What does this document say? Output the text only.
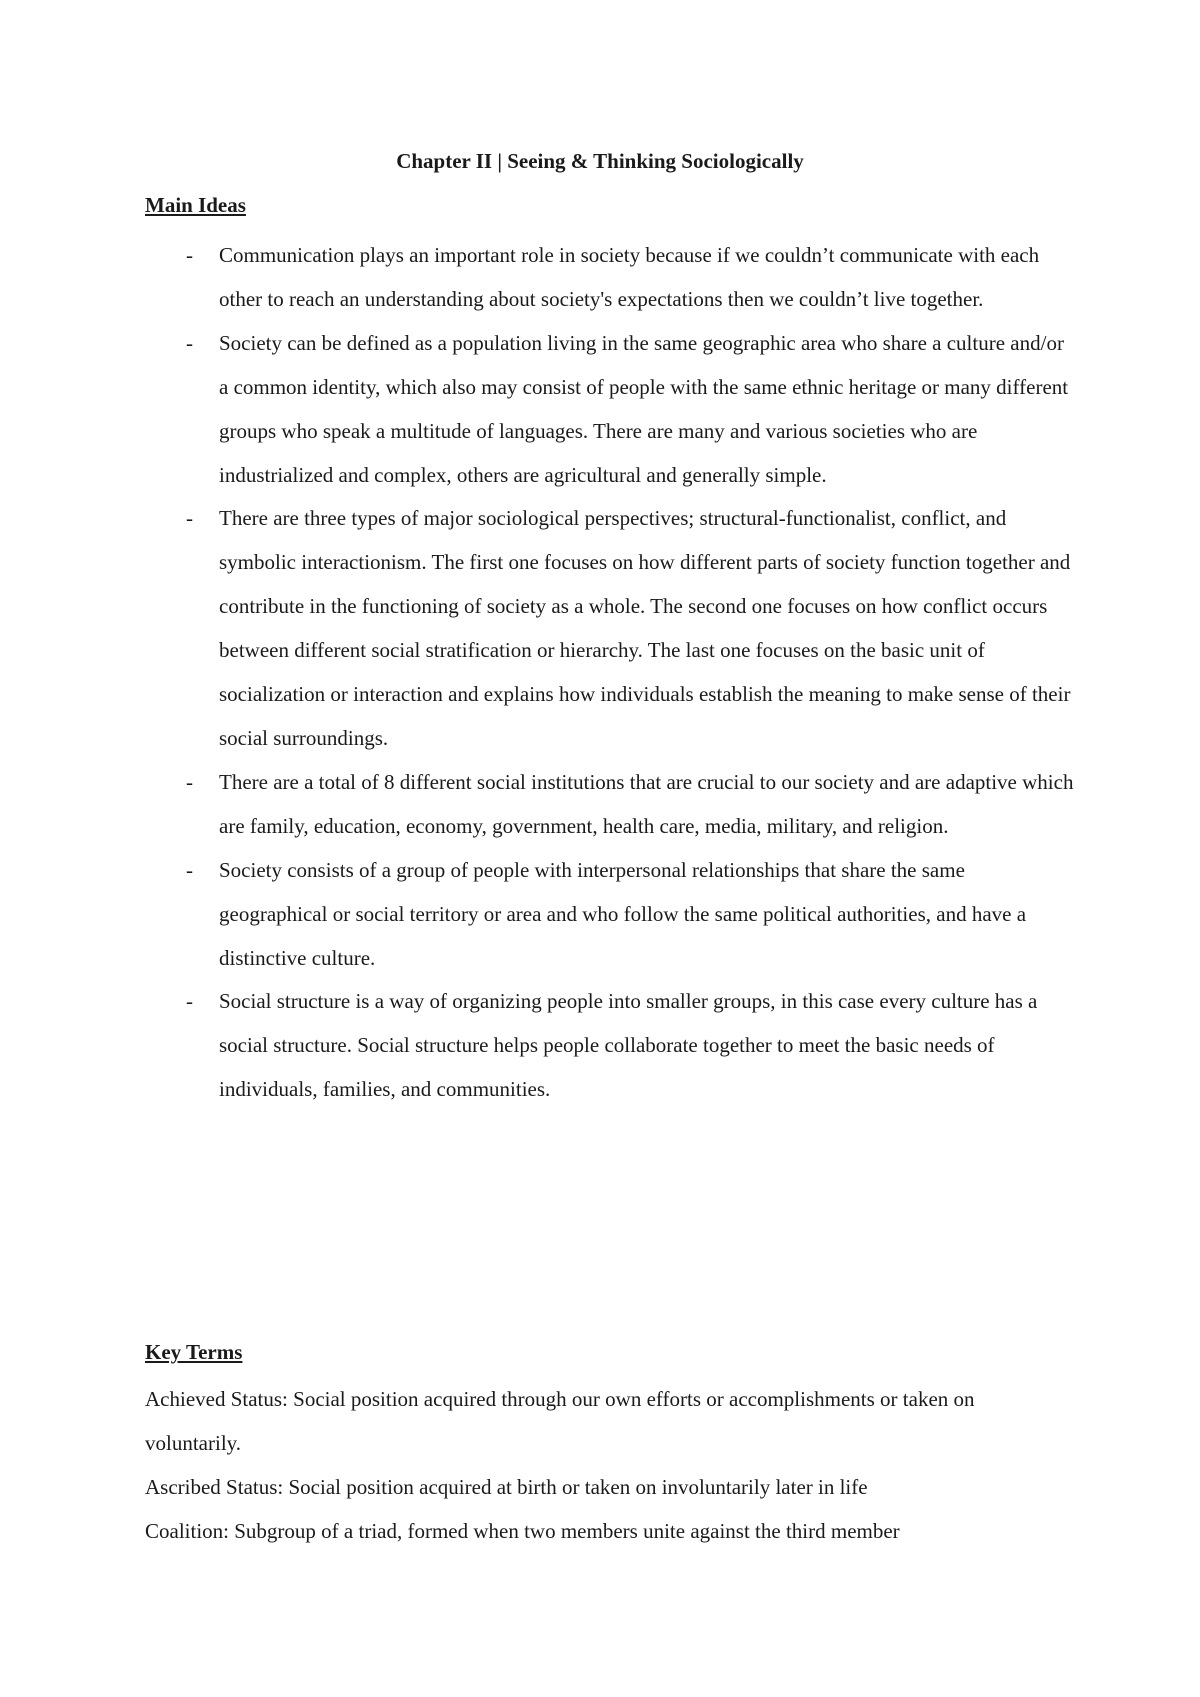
Chapter II | Seeing & Thinking Sociologically
Main Ideas
- Communication plays an important role in society because if we couldn’t communicate with each other to reach an understanding about society's expectations then we couldn’t live together.
- Society can be defined as a population living in the same geographic area who share a culture and/or a common identity, which also may consist of people with the same ethnic heritage or many different groups who speak a multitude of languages. There are many and various societies who are industrialized and complex, others are agricultural and generally simple.
- There are three types of major sociological perspectives; structural-functionalist, conflict, and symbolic interactionism. The first one focuses on how different parts of society function together and contribute in the functioning of society as a whole. The second one focuses on how conflict occurs between different social stratification or hierarchy. The last one focuses on the basic unit of socialization or interaction and explains how individuals establish the meaning to make sense of their social surroundings.
- There are a total of 8 different social institutions that are crucial to our society and are adaptive which are family, education, economy, government, health care, media, military, and religion.
- Society consists of a group of people with interpersonal relationships that share the same geographical or social territory or area and who follow the same political authorities, and have a distinctive culture.
- Social structure is a way of organizing people into smaller groups, in this case every culture has a social structure. Social structure helps people collaborate together to meet the basic needs of individuals, families, and communities.
Key Terms

Achieved Status: Social position acquired through our own efforts or accomplishments or taken on voluntarily.

Ascribed Status: Social position acquired at birth or taken on involuntarily later in life

Coalition: Subgroup of a triad, formed when two members unite against the third member
